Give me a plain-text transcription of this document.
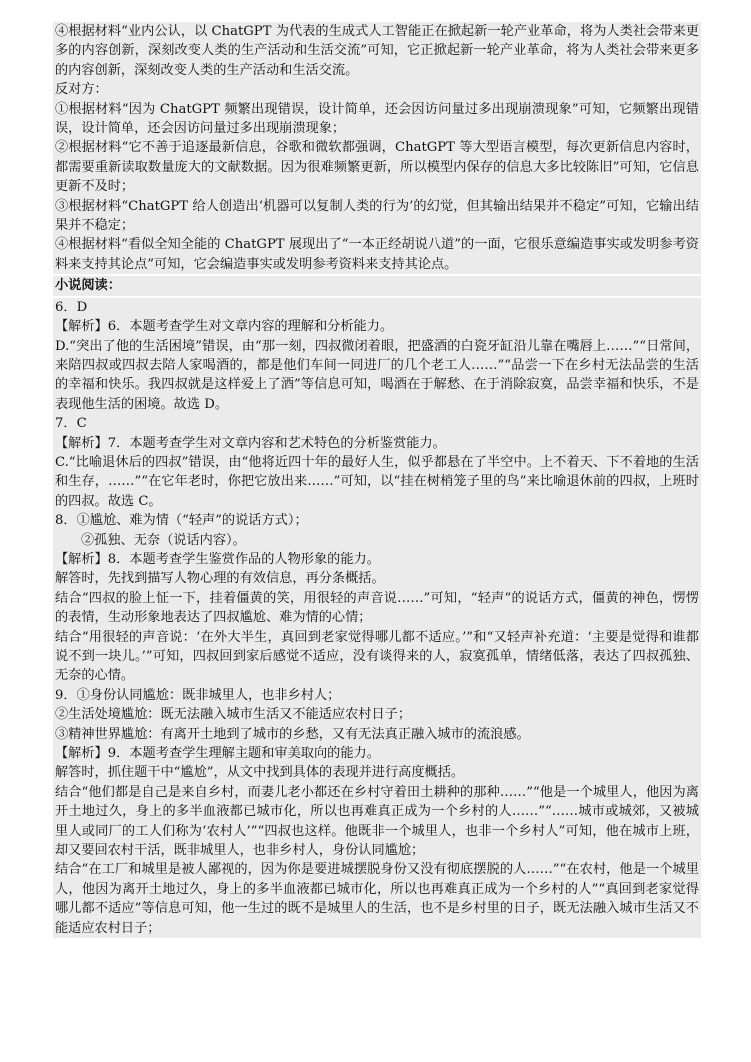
④根据材料“业内公认，以 ChatGPT 为代表的生成式人工智能正在掀起新一轮产业革命，将为人类社会带来更多的内容创新，深刻改变人类的生产活动和生活交流”可知，它正掀起新一轮产业革命，将为人类社会带来更多的内容创新，深刻改变人类的生产活动和生活交流。

反对方：

①根据材料“因为 ChatGPT 频繁出现错误，设计简单，还会因访问量过多出现崩溃现象”可知，它频繁出现错误，设计简单，还会因访问量过多出现崩溃现象；

②根据材料“它不善于追逐最新信息，谷歌和微软都强调，ChatGPT 等大型语言模型，每次更新信息内容时，都需要重新读取数量庞大的文献数据。因为很难频繁更新，所以模型内保存的信息大多比较陈旧”可知，它信息更新不及时；

③根据材料“ChatGPT 给人创造出‘机器可以复制人类的行为’的幻觉，但其输出结果并不稳定”可知，它输出结果并不稳定；

④根据材料“看似全知全能的 ChatGPT 展现出了“一本正经胡说八道”的一面，它很乐意编造事实或发明参考资料来支持其论点”可知，它会编造事实或发明参考资料来支持其论点。

小说阅读：

6．D

【解析】6．本题考查学生对文章内容的理解和分析能力。

D.“突出了他的生活困境”错误，由“那一刻，四叔微闭着眼，把盛酒的白瓷牙缸沿儿靠在嘴唇上……”“日常间，来陪四叔或四叔去陪人家喝酒的，都是他们车间一同进厂的几个老工人……”“品尝一下在乡村无法品尝的生活的幸福和快乐。我四叔就是这样爱上了酒”等信息可知，喝酒在于解愁、在于消除寂寞，品尝幸福和快乐，不是表现他生活的困境。故选 D。

7．C

【解析】7．本题考查学生对文章内容和艺术特色的分析鉴赏能力。

C.“比喻退休后的四叔”错误，由“他将近四十年的最好人生，似乎都悬在了半空中。上不着天、下不着地的生活和生存，……”“在它年老时，你把它放出来……”可知，以“挂在树梢笼子里的鸟”来比喻退休前的四叔，上班时的四叔。故选 C。

8．①尴尬、难为情（“轻声”的说话方式）；

②孤独、无奈（说话内容）。

【解析】8．本题考查学生鉴赏作品的人物形象的能力。

解答时，先找到描写人物心理的有效信息，再分条概括。

结合“四叔的脸上怔一下，挂着僵黄的笑，用很轻的声音说……”可知，“轻声”的说话方式，僵黄的神色，愣愣的表情，生动形象地表达了四叔尴尬、难为情的心情；

结合“用很轻的声音说：‘在外大半生，真回到老家觉得哪儿都不适应。’”和“又轻声补充道：‘主要是觉得和谁都说不到一块儿。’”可知，四叔回到家后感觉不适应，没有谈得来的人，寂寞孤单，情绪低落，表达了四叔孤独、无奈的心情。

9．①身份认同尴尬：既非城里人，也非乡村人；

②生活处境尴尬：既无法融入城市生活又不能适应农村日子；

③精神世界尴尬：有离开土地到了城市的乡愁，又有无法真正融入城市的流浪感。

【解析】9．本题考查学生理解主题和审美取向的能力。

解答时，抓住题干中“尴尬”，从文中找到具体的表现并进行高度概括。

结合“他们都是自己是来自乡村，而妻儿老小都还在乡村守着田土耕种的那种……”“他是一个城里人，他因为离开土地过久，身上的多半血液都已城市化，所以也再难真正成为一个乡村的人……”“……城市或城郊，又被城里人或同厂的工人们称为‘农村人’”“四叔也这样。他既非一个城里人，也非一个乡村人”可知，他在城市上班，却又要回农村干活，既非城里人，也非乡村人，身份认同尴尬；

结合“在工厂和城里是被人鄙视的，因为你是要进城摆脱身份又没有彻底摆脱的人……”“在农村，他是一个城里人，他因为离开土地过久，身上的多半血液都已城市化，所以也再难真正成为一个乡村的人”“真回到老家觉得哪儿都不适应”等信息可知，他一生过的既不是城里人的生活，也不是乡村里的日子，既无法融入城市生活又不能适应农村日子；
